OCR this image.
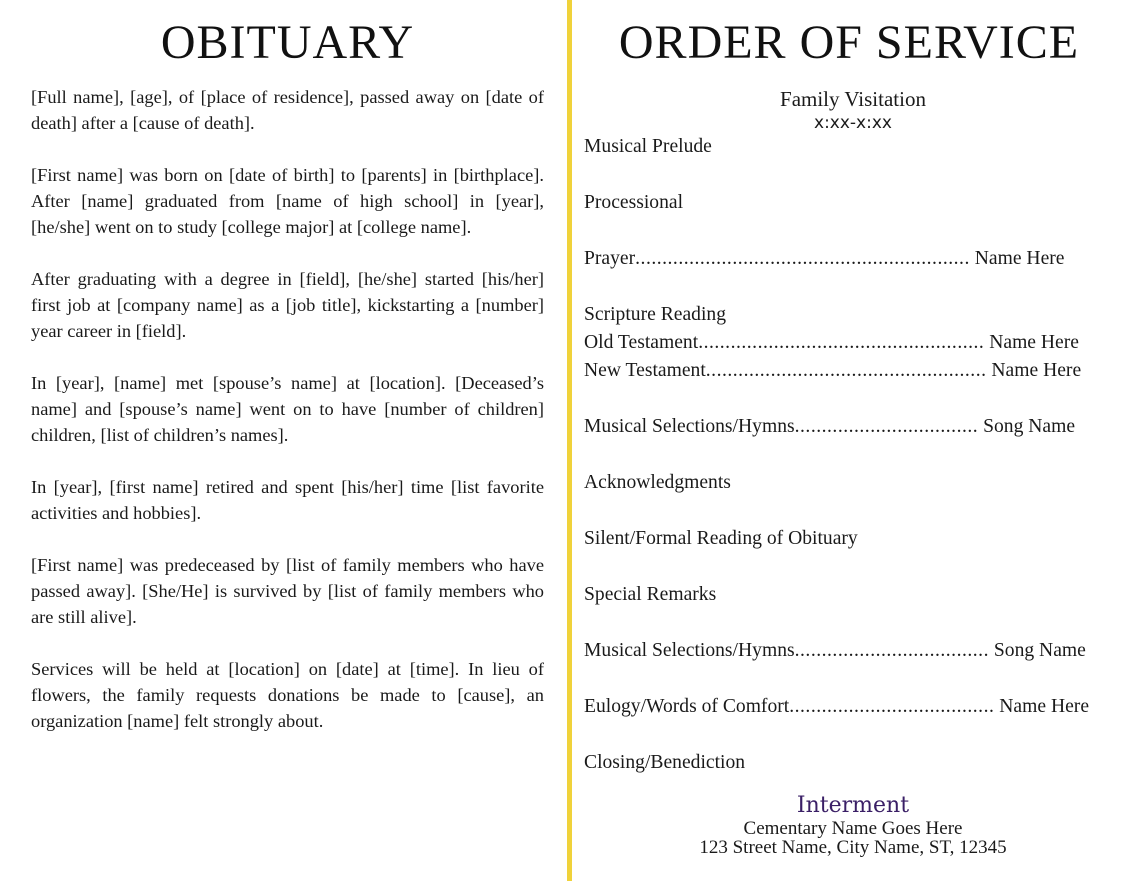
OBITUARY

[Full name], [age], of [place of residence], passed away on [date of death] after a [cause of death].

[First name] was born on [date of birth] to [parents] in [birthplace]. After [name] graduated from [name of high school] in [year], [he/she] went on to study [college major] at [college name].

After graduating with a degree in [field], [he/she] started [his/her] first job at [company name] as a [job title], kickstarting a [number] year career in [field].

In [year], [name] met [spouse’s name] at [location]. [Deceased’s name] and [spouse’s name] went on to have [number of children] children, [list of children’s names].

In [year], [first name] retired and spent [his/her] time [list favorite activities and hobbies].

[First name] was predeceased by [list of family members who have passed away]. [She/He] is survived by [list of family members who are still alive].

Services will be held at [location] on [date] at [time]. In lieu of flowers, the family requests donations be made to [cause], an organization [name] felt strongly about.

ORDER OF SERVICE
Family Visitation
x:xx-x:xx
Musical Prelude
Processional
Prayer.............................................................. Name Here
Scripture Reading
Old Testament..................................................... Name Here
New Testament.................................................... Name Here
Musical Selections/Hymns.................................. Song Name
Acknowledgments
Silent/Formal Reading of Obituary
Special Remarks
Musical Selections/Hymns.................................... Song Name
Eulogy/Words of Comfort...................................... Name Here
Closing/Benediction
Interment
Cementary Name Goes Here
123 Street Name, City Name, ST, 12345
